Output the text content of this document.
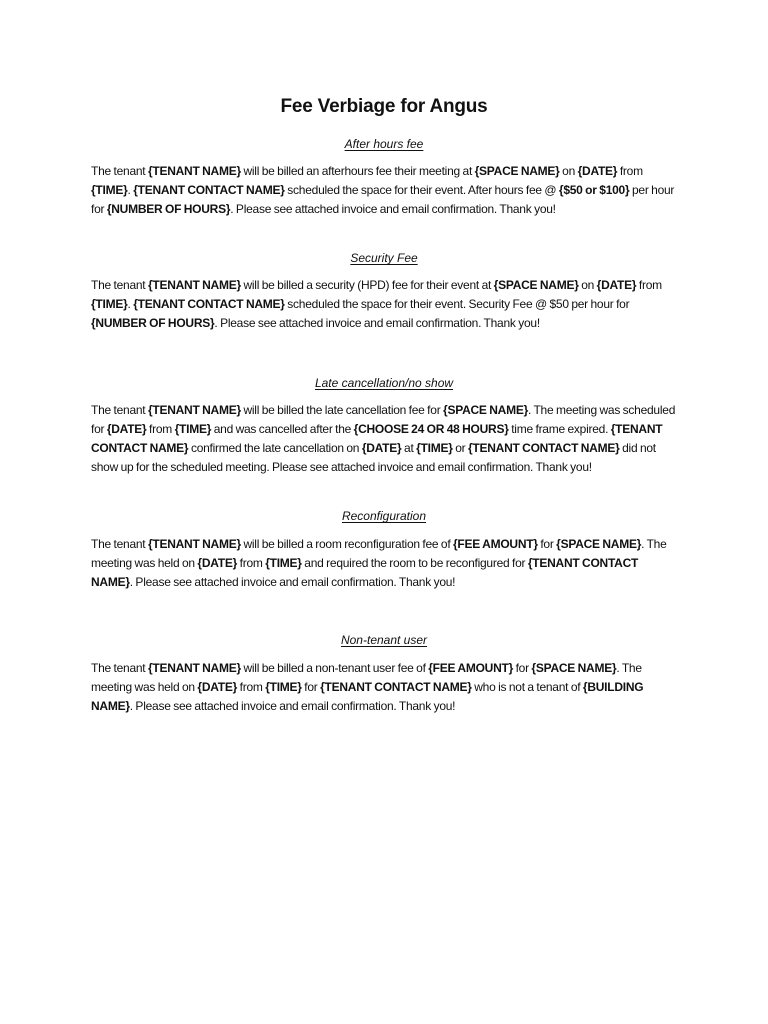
Fee Verbiage for Angus
After hours fee
The tenant {TENANT NAME} will be billed an afterhours fee their meeting at {SPACE NAME} on {DATE} from {TIME}. {TENANT CONTACT NAME} scheduled the space for their event. After hours fee @ {$50 or $100} per hour for {NUMBER OF HOURS}. Please see attached invoice and email confirmation. Thank you!
Security Fee
The tenant {TENANT NAME} will be billed a security (HPD) fee for their event at {SPACE NAME} on {DATE} from {TIME}. {TENANT CONTACT NAME} scheduled the space for their event. Security Fee @ $50 per hour for {NUMBER OF HOURS}. Please see attached invoice and email confirmation. Thank you!
Late cancellation/no show
The tenant {TENANT NAME} will be billed the late cancellation fee for {SPACE NAME}. The meeting was scheduled for {DATE} from {TIME} and was cancelled after the {CHOOSE 24 OR 48 HOURS} time frame expired. {TENANT CONTACT NAME} confirmed the late cancellation on {DATE} at {TIME} or {TENANT CONTACT NAME} did not show up for the scheduled meeting. Please see attached invoice and email confirmation. Thank you!
Reconfiguration
The tenant {TENANT NAME} will be billed a room reconfiguration fee of {FEE AMOUNT} for {SPACE NAME}. The meeting was held on {DATE} from {TIME} and required the room to be reconfigured for {TENANT CONTACT NAME}. Please see attached invoice and email confirmation. Thank you!
Non-tenant user
The tenant {TENANT NAME} will be billed a non-tenant user fee of {FEE AMOUNT} for {SPACE NAME}. The meeting was held on {DATE} from {TIME} for {TENANT CONTACT NAME} who is not a tenant of {BUILDING NAME}. Please see attached invoice and email confirmation. Thank you!
